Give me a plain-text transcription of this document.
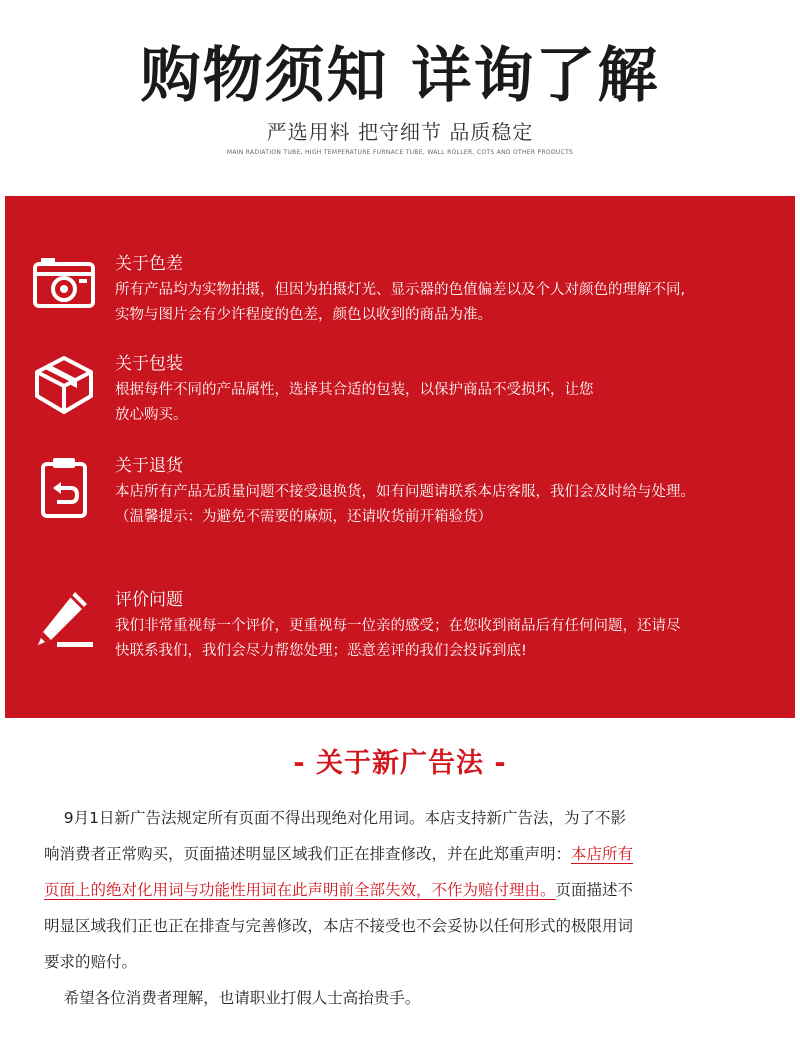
购物须知 详询了解
严选用料 把守细节 品质稳定
MAIN RADIATION TUBE, HIGH TEMPERATURE FURNACE TUBE, WALL ROLLER, COTS AND OTHER PRODUCTS
关于色差
所有产品均为实物拍摄，但因为拍摄灯光、显示器的色值偏差以及个人对颜色的理解不同,
实物与图片会有少许程度的色差，颜色以收到的商品为准。
关于包装
根据每件不同的产品属性，选择其合适的包装，以保护商品不受损坏，让您
放心购买。
关于退货
本店所有产品无质量问题不接受退换货，如有问题请联系本店客服，我们会及时给与处理。
（温馨提示：为避免不需要的麻烦，还请收货前开箱验货）
评价问题
我们非常重视每一个评价，更重视每一位亲的感受；在您收到商品后有任何问题，还请尽
快联系我们，我们会尽力帮您处理；恶意差评的我们会投诉到底!
- 关于新广告法 -

9月1日新广告法规定所有页面不得出现绝对化用词。本店支持新广告法，为了不影

响消费者正常购买，页面描述明显区域我们正在排查修改，并在此郑重声明：本店所有

页面上的绝对化用词与功能性用词在此声明前全部失效，不作为赔付理由。页面描述不

明显区域我们正也正在排查与完善修改，本店不接受也不会妥协以任何形式的极限用词

要求的赔付。

希望各位消费者理解，也请职业打假人士高抬贵手。
